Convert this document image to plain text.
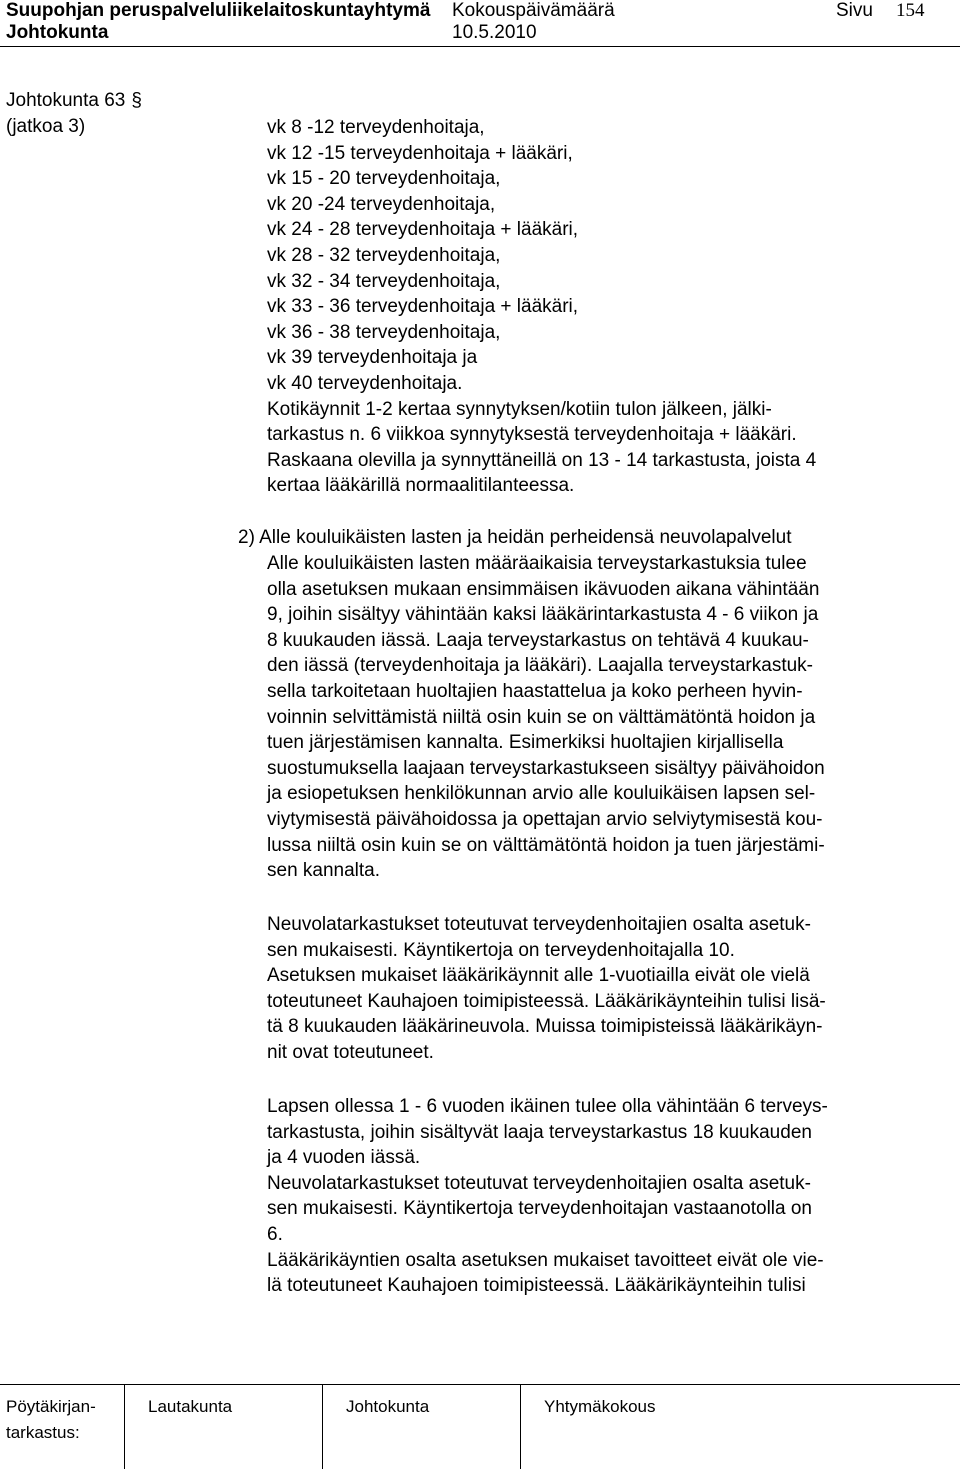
Suupohjan peruspalveluliikelaitoskuntayhtymä
Johtokunta
Kokouspäivämäärä
10.5.2010
Sivu 154
Johtokunta 63 §
(jatkoa 3)	vk 8 -12 terveydenhoitaja,
vk 12 -15 terveydenhoitaja + lääkäri,
vk 15 - 20 terveydenhoitaja,
vk 20 -24 terveydenhoitaja,
vk 24 - 28 terveydenhoitaja + lääkäri,
vk 28 - 32 terveydenhoitaja,
vk 32 - 34 terveydenhoitaja,
vk 33 - 36 terveydenhoitaja + lääkäri,
vk 36 - 38 terveydenhoitaja,
vk 39 terveydenhoitaja ja
vk 40 terveydenhoitaja.
Kotikäynnit 1-2 kertaa synnytyksen/kotiin tulon jälkeen, jälki-
tarkastus n. 6 viikkoa synnytyksestä terveydenhoitaja + lääkäri.
Raskaana olevilla ja synnyttäneillä on 13 - 14 tarkastusta, joista 4
kertaa lääkärillä normaalitilanteessa.
2) Alle kouluikäisten lasten ja heidän perheidensä neuvolapalvelut
Alle kouluikäisten lasten määräaikaisia terveystarkastuksia tulee
olla asetuksen mukaan ensimmäisen ikävuoden aikana vähintään
9, joihin sisältyy vähintään kaksi lääkärintarkastusta 4 - 6 viikon ja
8 kuukauden iässä. Laaja terveystarkastus on tehtävä 4 kuukau-
den iässä (terveydenhoitaja ja lääkäri). Laajalla terveystarkastuk-
sella tarkoitetaan huoltajien haastattelua ja koko perheen hyvin-
voinnin selvittämistä niiltä osin kuin se on välttämätöntä hoidon ja
tuen järjestämisen kannalta. Esimerkiksi huoltajien kirjallisella
suostumuksella laajaan terveystarkastukseen sisältyy päivähoidon
ja esiopetuksen henkilökunnan arvio alle kouluikäisen lapsen sel-
viytymisestä päivähoidossa ja opettajan arvio selviytymisestä kou-
lussa niiltä osin kuin se on välttämätöntä hoidon ja tuen järjestämi-
sen kannalta.
Neuvolatarkastukset toteutuvat terveydenhoitajien osalta asetuk-
sen mukaisesti. Käyntikertoja on terveydenhoitajalla 10.
Asetuksen mukaiset lääkärikäynnit alle 1-vuotiailla eivät ole vielä
toteutuneet Kauhajoen toimipisteessä. Lääkärikäynteihin tulisi lisä-
tä 8 kuukauden lääkärineuvola. Muissa toimipisteissä lääkärikäyn-
nit ovat toteutuneet.
Lapsen ollessa 1 - 6 vuoden ikäinen tulee olla vähintään 6 terveys-
tarkastusta, joihin sisältyvät laaja terveystarkastus 18 kuukauden
ja 4 vuoden iässä.
Neuvolatarkastukset toteutuvat terveydenhoitajien osalta asetuk-
sen mukaisesti. Käyntikertoja terveydenhoitajan vastaanotolla on
6.
Lääkärikäyntien osalta asetuksen mukaiset tavoitteet eivät ole vie-
lä toteutuneet Kauhajoen toimipisteessä. Lääkärikäynteihin tulisi
Pöytäkirjan-
tarkastus:
Lautakunta	Johtokunta	Yhtymäkokous
